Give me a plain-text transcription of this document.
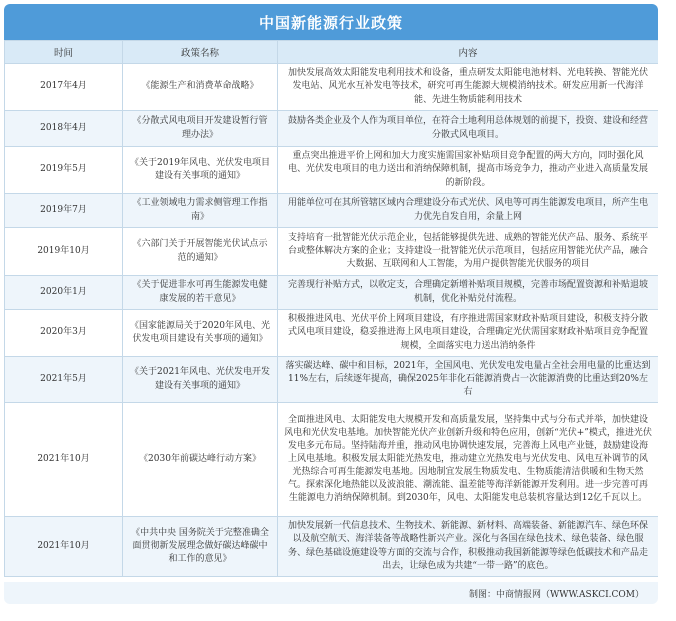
中国新能源行业政策
时间	政策名称	内容
2017年4月	《能源生产和消费革命战略》	加快发展高效太阳能发电利用技术和设备，重点研发太阳能电池材料、光电转换、智能光伏发电站、风光水互补发电等技术，研究可再生能源大规模消纳技术。研发应用新一代海洋能、先进生物质能利用技术
2018年4月	《分散式风电项目开发建设暂行管理办法》	鼓励各类企业及个人作为项目单位，在符合土地利用总体规划的前提下，投资、建设和经营分散式风电项目。
2019年5月	《关于2019年风电、光伏发电项目建设有关事项的通知》	重点突出推进平价上网和加大力度实施需国家补贴项目竞争配置的两大方向，同时强化风电、光伏发电项目的电力送出和消纳保障机制，提高市场竞争力，推动产业进入高质量发展的新阶段。
2019年7月	《工业领域电力需求侧管理工作指南》	用能单位可在其所管辖区域内合理建设分布式光伏、风电等可再生能源发电项目，所产生电力优先自发自用，余量上网
2019年10月	《六部门关于开展智能光伏试点示范的通知》	支持培育一批智能光伏示范企业，包括能够提供先进、成熟的智能光伏产品、服务、系统平台或整体解决方案的企业；支持建设一批智能光伏示范项目，包括应用智能光伏产品，融合大数据、互联网和人工智能，为用户提供智能光伏服务的项目
2020年1月	《关于促进非水可再生能源发电健康发展的若干意见》	完善现行补贴方式，以收定支，合理确定新增补贴项目规模，完善市场配置资源和补贴退坡机制，优化补贴兑付流程。
2020年3月	《国家能源局关于2020年风电、光伏发电项目建设有关事项的通知》	积极推进风电、光伏平价上网项目建设，有序推进需国家财政补贴项目建设，积极支持分散式风电项目建设，稳妥推进海上风电项目建设，合理确定光伏需国家财政补贴项目竞争配置规模，全面落实电力送出消纳条件
2021年5月	《关于2021年风电、光伏发电开发建设有关事项的通知》	落实碳达峰、碳中和目标，2021年，全国风电、光伏发电发电量占全社会用电量的比重达到11%左右，后续逐年提高，确保2025年非化石能源消费占一次能源消费的比重达到20%左右
2021年10月	《2030年前碳达峰行动方案》	全面推进风电、太阳能发电大规模开发和高质量发展，坚持集中式与分布式并举，加快建设风电和光伏发电基地。加快智能光伏产业创新升级和特色应用，创新“光伏+”模式，推进光伏发电多元布局。坚持陆海并重，推动风电协调快速发展，完善海上风电产业链，鼓励建设海上风电基地。积极发展太阳能光热发电，推动建立光热发电与光伏发电、风电互补调节的风光热综合可再生能源发电基地。因地制宜发展生物质发电、生物质能清洁供暖和生物天然气。探索深化地热能以及波浪能、潮流能、温差能等海洋新能源开发利用。进一步完善可再生能源电力消纳保障机制。到2030年，风电、太阳能发电总装机容量达到12亿千瓦以上。
2021年10月	《中共中央 国务院关于完整准确全面贯彻新发展理念做好碳达峰碳中和工作的意见》	加快发展新一代信息技术、生物技术、新能源、新材料、高端装备、新能源汽车、绿色环保以及航空航天、海洋装备等战略性新兴产业。深化与各国在绿色技术、绿色装备、绿色服务、绿色基础设施建设等方面的交流与合作，积极推动我国新能源等绿色低碳技术和产品走出去，让绿色成为共建“一带一路”的底色。
制图：中商情报网（WWW.ASKCI.COM）
